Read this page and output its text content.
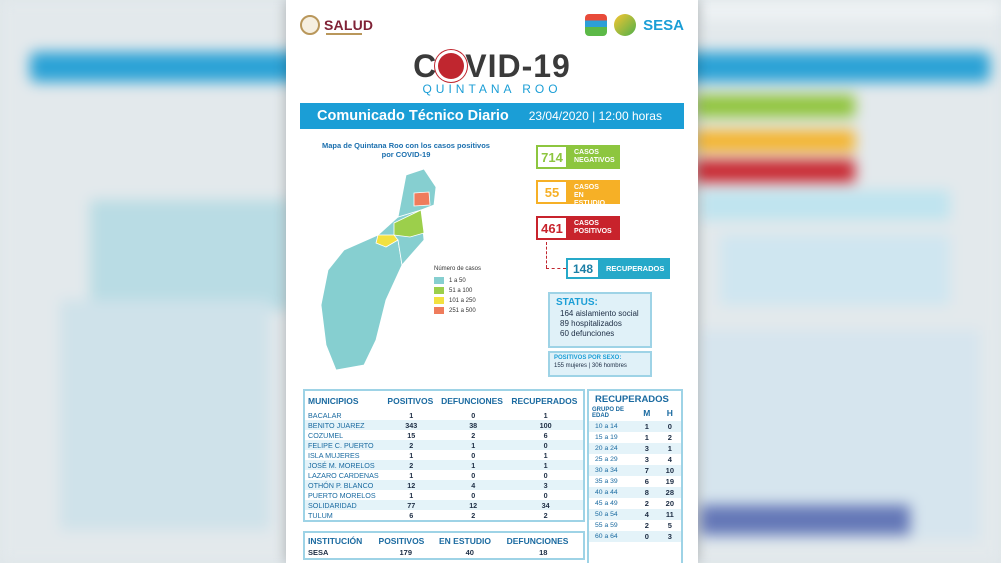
SALUD	SESA
C VID-19
QUINTANA ROO
Comunicado Técnico Diario 23/04/2020 | 12:00 horas
Mapa de Quintana Roo con los casos positivos por COVID-19
Número de casos
1 a 50
51 a 100
101 a 250
251 a 500
714	CASOS
NEGATIVOS
55	CASOS
EN ESTUDIO
461	CASOS
POSITIVOS
148	RECUPERADOS
STATUS:
164 aislamiento social
89 hospitalizados
60 defunciones
POSITIVOS POR SEXO:
155 mujeres | 306 hombres
MUNICIPIOS	POSITIVOS	DEFUNCIONES	RECUPERADOS
BACALAR	1	0	1
BENITO JUAREZ	343	38	100
COZUMEL	15	2	6
FELIPE C. PUERTO	2	1	0
ISLA MUJERES	1	0	1
JOSÉ M. MORELOS	2	1	1
LAZARO CARDENAS	1	0	0
OTHÓN P. BLANCO	12	4	3
PUERTO MORELOS	1	0	0
SOLIDARIDAD	77	12	34
TULUM	6	2	2
INSTITUCIÓN	POSITIVOS	EN ESTUDIO	DEFUNCIONES
SESA	179	40	18
RECUPERADOS
GRUPO DE EDAD	M	H
10 a 14	1	0
15 a 19	1	2
20 a 24	3	1
25 a 29	3	4
30 a 34	7	10
35 a 39	6	19
40 a 44	8	28
45 a 49	2	20
50 a 54	4	11
55 a 59	2	5
60 a 64	0	3
